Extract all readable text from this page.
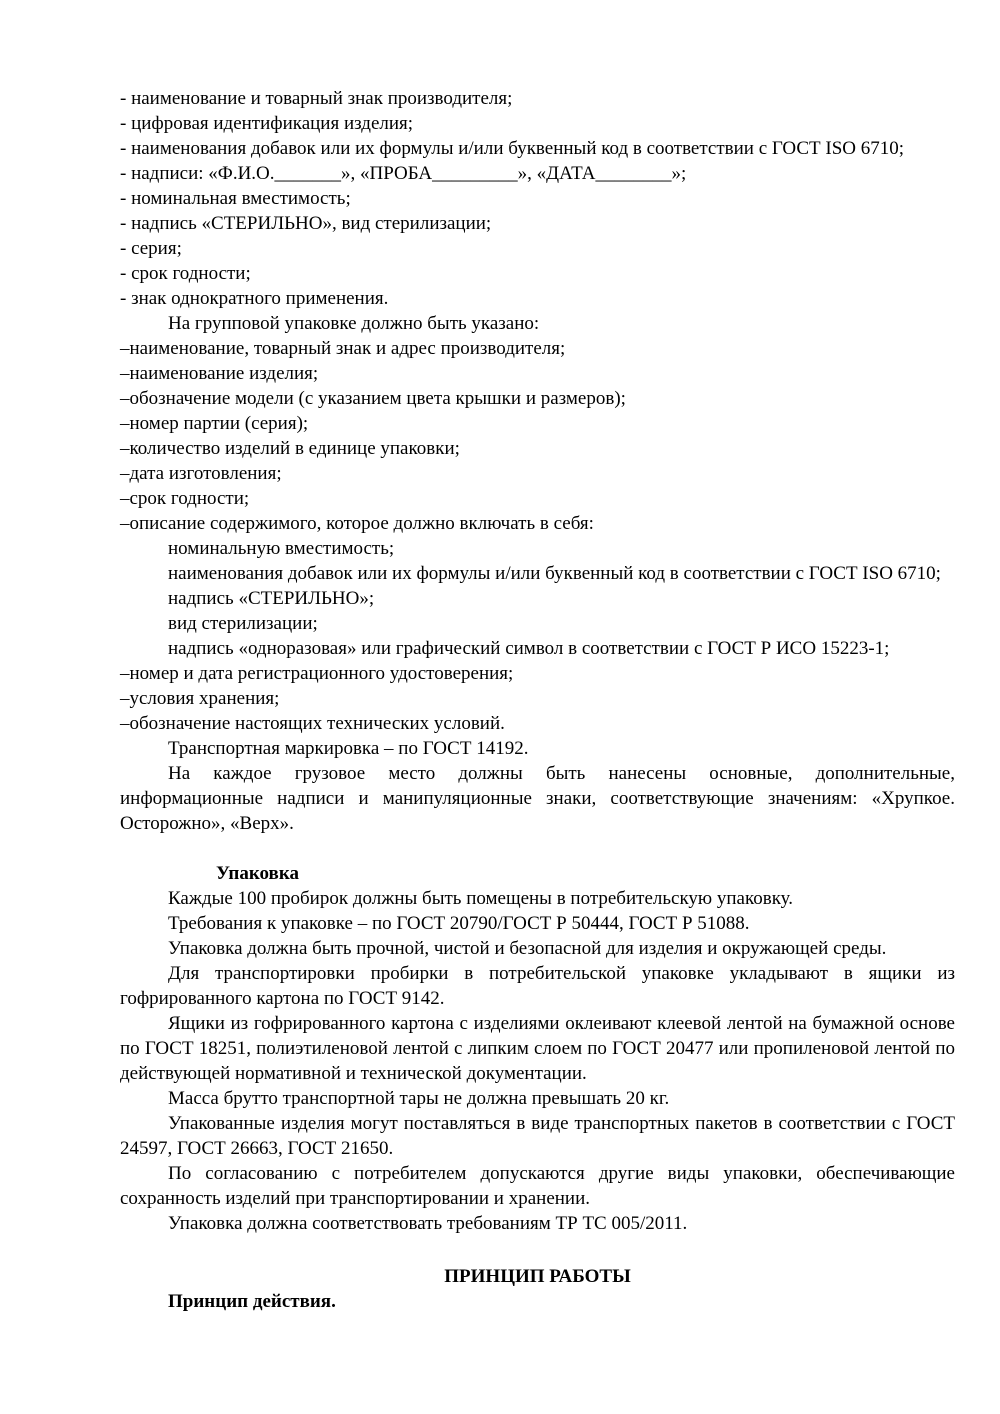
- наименование и товарный знак производителя;

- цифровая идентификация изделия;

- наименования добавок или их формулы и/или буквенный код в соответствии с ГОСТ ISO 6710;

- надписи: «Ф.И.О._______», «ПРОБА_________», «ДАТА________»;

- номинальная вместимость;

- надпись «СТЕРИЛЬНО», вид стерилизации;

- серия;

- срок годности;

- знак однократного применения.

На групповой упаковке должно быть указано:

–наименование, товарный знак и адрес производителя;

–наименование изделия;

–обозначение модели (с указанием цвета крышки и размеров);

–номер партии (серия);

–количество изделий в единице упаковки;

–дата изготовления;

–срок годности;

–описание содержимого, которое должно включать в себя:

номинальную вместимость;

наименования добавок или их формулы и/или буквенный код в соответствии с ГОСТ ISO 6710;

надпись «СТЕРИЛЬНО»;

вид стерилизации;

надпись «одноразовая» или графический символ в соответствии с ГОСТ Р ИСО 15223-1;

–номер и дата регистрационного удостоверения;

–условия хранения;

–обозначение настоящих технических условий.

Транспортная маркировка – по ГОСТ 14192.

На каждое грузовое место должны быть нанесены основные, дополнительные, информационные надписи и манипуляционные знаки, соответствующие значениям: «Хрупкое. Осторожно», «Верх».

Упаковка

Каждые 100 пробирок должны быть помещены в потребительскую упаковку.

Требования к упаковке – по ГОСТ 20790/ГОСТ Р 50444, ГОСТ Р 51088.

Упаковка должна быть прочной, чистой и безопасной для изделия и окружающей среды.

Для транспортировки пробирки в потребительской упаковке укладывают в ящики из гофрированного картона по ГОСТ 9142.

Ящики из гофрированного картона с изделиями оклеивают клеевой лентой на бумажной основе по ГОСТ 18251, полиэтиленовой лентой с липким слоем по ГОСТ 20477 или пропиленовой лентой по действующей нормативной и технической документации.

Масса брутто транспортной тары не должна превышать 20 кг.

Упакованные изделия могут поставляться в виде транспортных пакетов в соответствии с ГОСТ 24597, ГОСТ 26663, ГОСТ 21650.

По согласованию с потребителем допускаются другие виды упаковки, обеспечивающие сохранность изделий при транспортировании и хранении.

Упаковка должна соответствовать требованиям ТР ТС 005/2011.

ПРИНЦИП РАБОТЫ

Принцип действия.
